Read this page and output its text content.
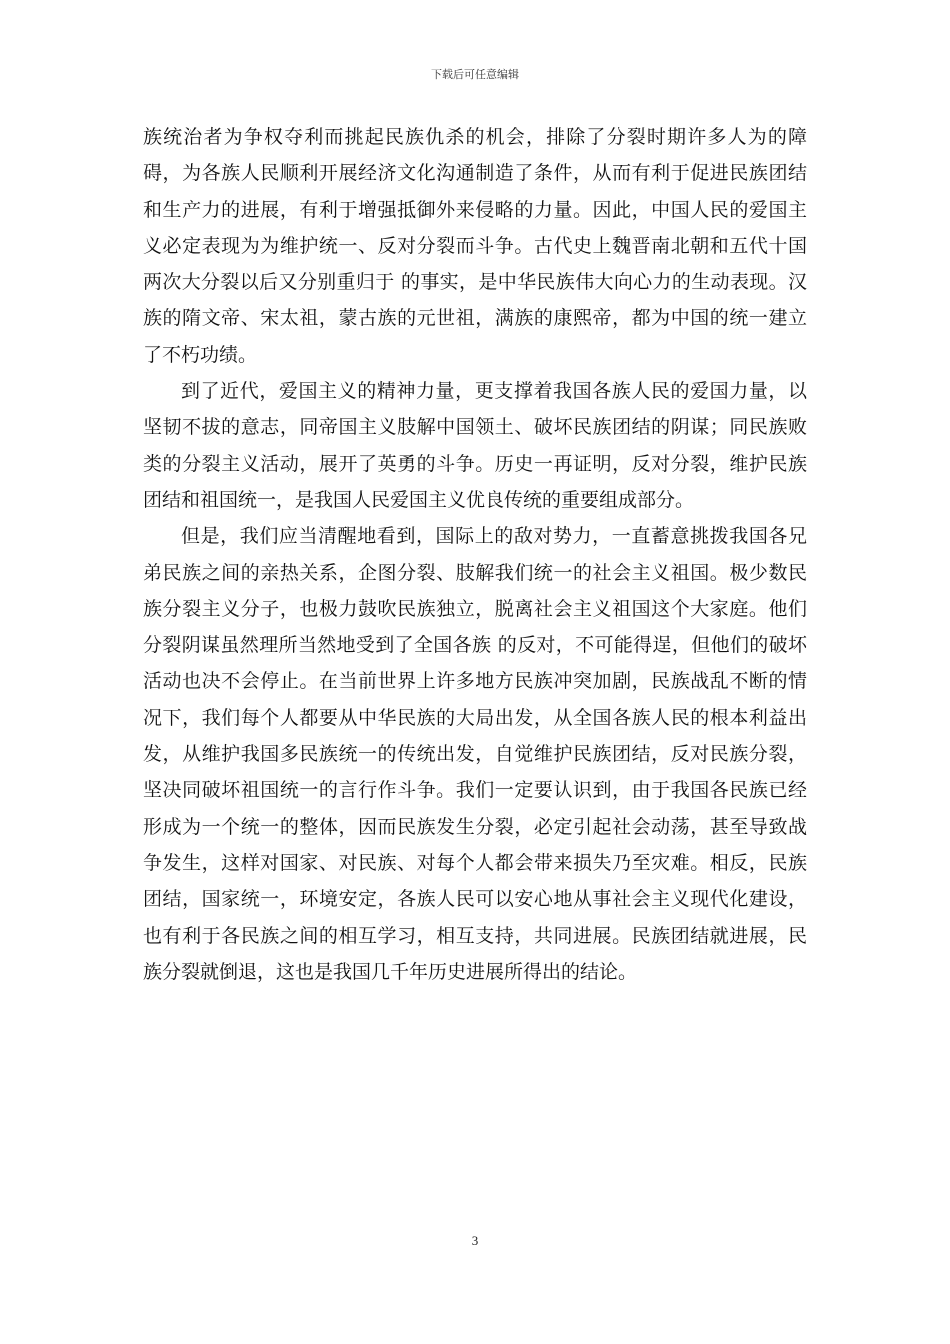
下载后可任意编辑

族统治者为争权夺利而挑起民族仇杀的机会，排除了分裂时期许多人为的障碍，为各族人民顺利开展经济文化沟通制造了条件，从而有利于促进民族团结和生产力的进展，有利于增强抵御外来侵略的力量。因此，中国人民的爱国主义必定表现为为维护统一、反对分裂而斗争。古代史上魏晋南北朝和五代十国两次大分裂以后又分别重归于 的事实，是中华民族伟大向心力的生动表现。汉族的隋文帝、宋太祖，蒙古族的元世祖，满族的康熙帝，都为中国的统一建立了不朽功绩。

到了近代，爱国主义的精神力量，更支撑着我国各族人民的爱国力量，以坚韧不拔的意志，同帝国主义肢解中国领土、破坏民族团结的阴谋；同民族败类的分裂主义活动，展开了英勇的斗争。历史一再证明，反对分裂，维护民族团结和祖国统一，是我国人民爱国主义优良传统的重要组成部分。

但是，我们应当清醒地看到，国际上的敌对势力，一直蓄意挑拨我国各兄弟民族之间的亲热关系，企图分裂、肢解我们统一的社会主义祖国。极少数民族分裂主义分子，也极力鼓吹民族独立，脱离社会主义祖国这个大家庭。他们分裂阴谋虽然理所当然地受到了全国各族 的反对，不可能得逞，但他们的破坏活动也决不会停止。在当前世界上许多地方民族冲突加剧，民族战乱不断的情况下，我们每个人都要从中华民族的大局出发，从全国各族人民的根本利益出发，从维护我国多民族统一的传统出发，自觉维护民族团结，反对民族分裂，坚决同破坏祖国统一的言行作斗争。我们一定要认识到，由于我国各民族已经形成为一个统一的整体，因而民族发生分裂，必定引起社会动荡，甚至导致战争发生，这样对国家、对民族、对每个人都会带来损失乃至灾难。相反，民族团结，国家统一，环境安定，各族人民可以安心地从事社会主义现代化建设，也有利于各民族之间的相互学习，相互支持，共同进展。民族团结就进展，民族分裂就倒退，这也是我国几千年历史进展所得出的结论。

3
